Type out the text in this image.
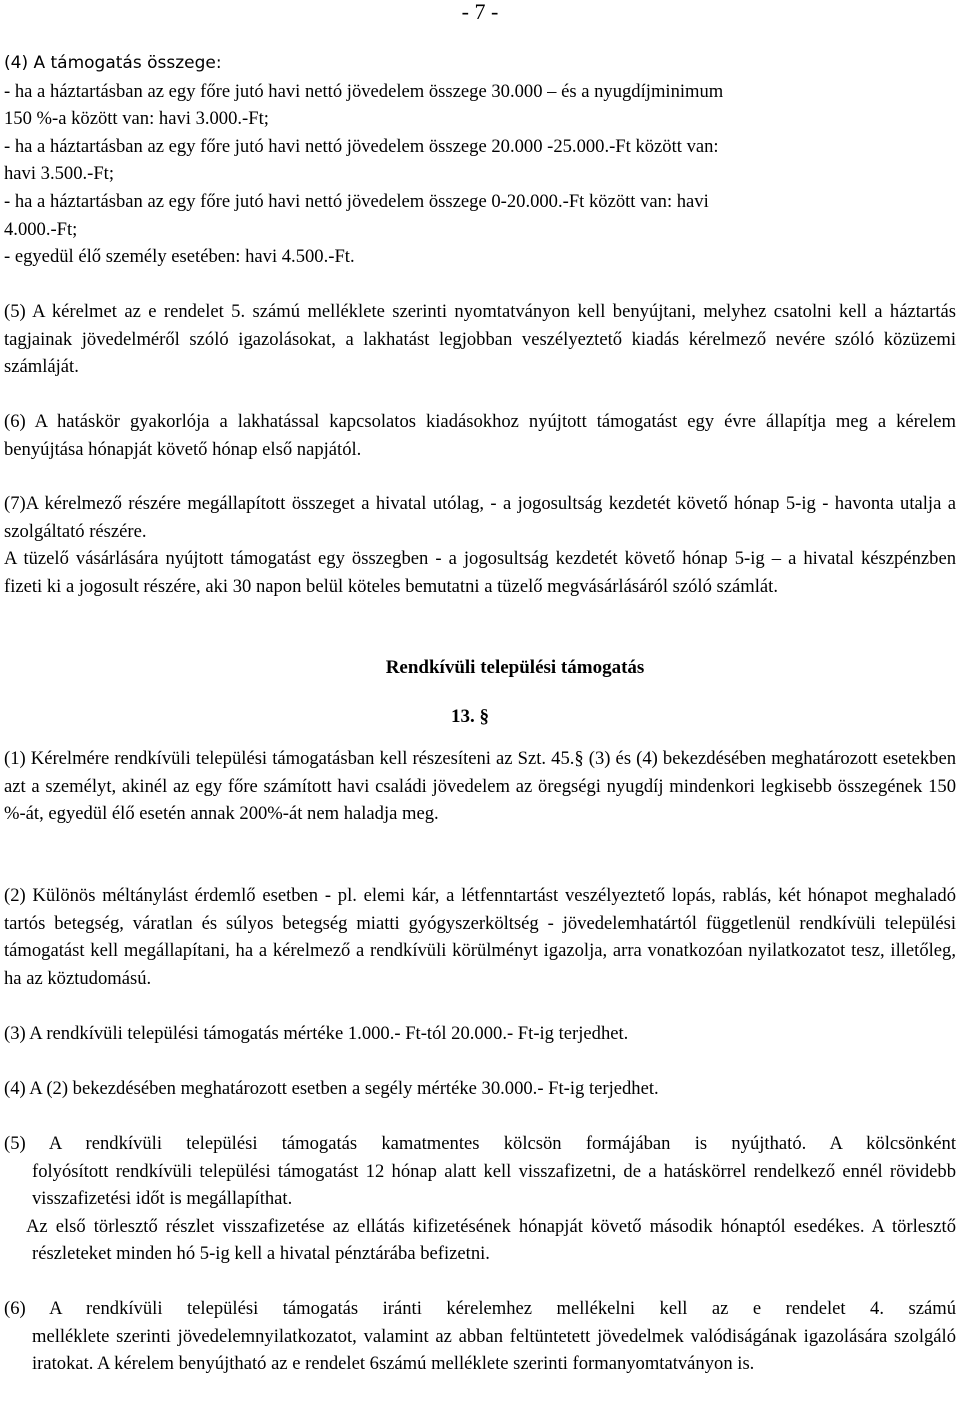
- 7 -

(4) A támogatás összege:

- ha a háztartásban az egy főre jutó havi nettó jövedelem összege 30.000 – és a nyugdíjminimum

150 %-a között van: havi 3.000.-Ft;

- ha a háztartásban az egy főre jutó havi nettó jövedelem összege 20.000 -25.000.-Ft között van:

havi 3.500.-Ft;

- ha a háztartásban az egy főre jutó havi nettó jövedelem összege 0-20.000.-Ft között van: havi

4.000.-Ft;

- egyedül élő személy esetében: havi 4.500.-Ft.

(5) A kérelmet az e rendelet 5. számú melléklete szerinti nyomtatványon kell benyújtani, melyhez csatolni kell a háztartás tagjainak jövedelméről szóló igazolásokat, a lakhatást legjobban veszélyeztető kiadás kérelmező nevére szóló közüzemi számláját.

(6) A hatáskör gyakorlója a lakhatással kapcsolatos kiadásokhoz nyújtott támogatást egy évre állapítja meg a kérelem benyújtása hónapját követő hónap első napjától.

(7)A kérelmező részére megállapított összeget a hivatal utólag, - a jogosultság kezdetét követő hónap 5-ig - havonta utalja a szolgáltató részére.

A tüzelő vásárlására nyújtott támogatást egy összegben - a jogosultság kezdetét követő hónap 5-ig – a hivatal készpénzben fizeti ki a jogosult részére, aki 30 napon belül köteles bemutatni a tüzelő megvásárlásáról szóló számlát.

Rendkívüli települési támogatás
13. §

(1) Kérelmére rendkívüli települési támogatásban kell részesíteni az Szt. 45.§ (3) és (4) bekezdésében meghatározott esetekben azt a személyt, akinél az egy főre számított havi családi jövedelem az öregségi nyugdíj mindenkori legkisebb összegének 150 %-át, egyedül élő esetén annak 200%-át nem haladja meg.

(2) Különös méltánylást érdemlő esetben - pl. elemi kár, a létfenntartást veszélyeztető lopás, rablás, két hónapot meghaladó tartós betegség, váratlan és súlyos betegség miatti gyógyszerköltség - jövedelemhatártól függetlenül rendkívüli települési támogatást kell megállapítani, ha a kérelmező a rendkívüli körülményt igazolja, arra vonatkozóan nyilatkozatot tesz, illetőleg, ha az köztudomású.

(3) A rendkívüli települési támogatás mértéke 1.000.- Ft-tól 20.000.- Ft-ig terjedhet.

(4) A (2) bekezdésében meghatározott esetben a segély mértéke 30.000.- Ft-ig terjedhet.

(5) A rendkívüli települési támogatás kamatmentes kölcsön formájában is nyújtható. A kölcsönként

folyósított rendkívüli települési támogatást 12 hónap alatt kell visszafizetni, de a hatáskörrel rendelkező ennél rövidebb visszafizetési időt is megállapíthat.

Az első törlesztő részlet visszafizetése az ellátás kifizetésének hónapját követő második hónaptól esedékes. A törlesztő részleteket minden hó 5-ig kell a hivatal pénztárába befizetni.

(6) A rendkívüli települési támogatás iránti kérelemhez mellékelni kell az e rendelet 4. számú

melléklete szerinti jövedelemnyilatkozatot, valamint az abban feltüntetett jövedelmek valódiságának igazolására szolgáló iratokat. A kérelem benyújtható az e rendelet 6számú melléklete szerinti formanyomtatványon is.
